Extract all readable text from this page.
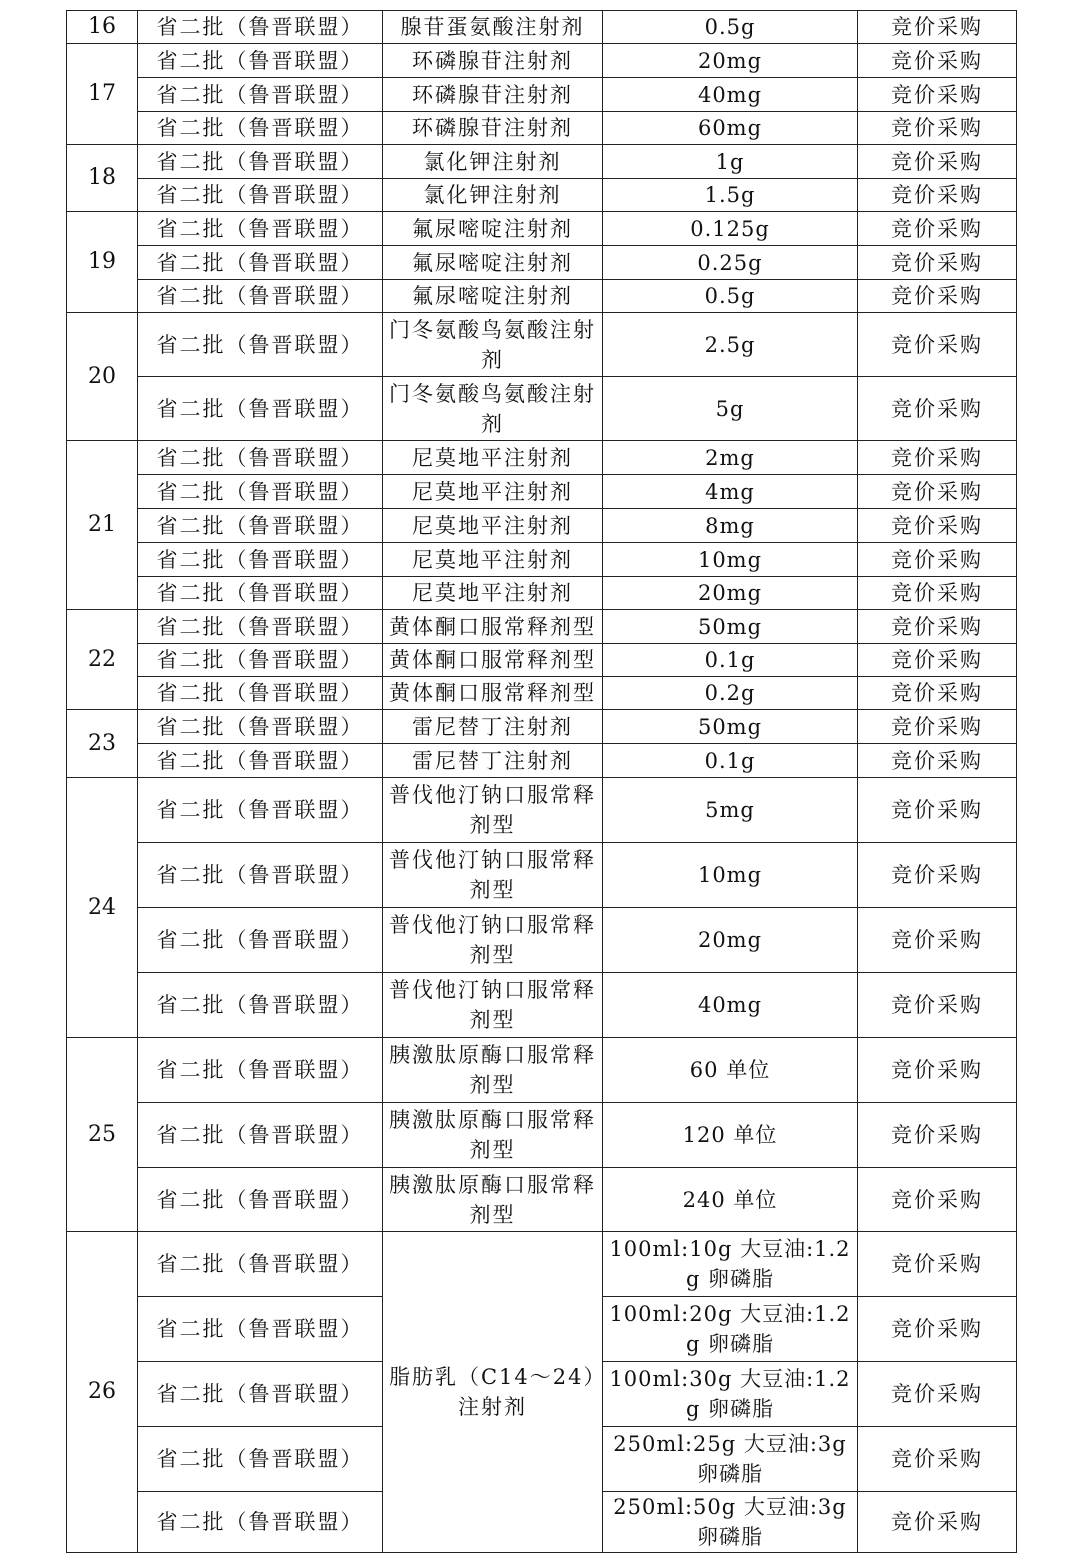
16	省二批（鲁晋联盟）	腺苷蛋氨酸注射剂	0.5g	竞价采购
17	省二批（鲁晋联盟）	环磷腺苷注射剂	20mg	竞价采购
	省二批（鲁晋联盟）	环磷腺苷注射剂	40mg	竞价采购
	省二批（鲁晋联盟）	环磷腺苷注射剂	60mg	竞价采购
18	省二批（鲁晋联盟）	氯化钾注射剂	1g	竞价采购
	省二批（鲁晋联盟）	氯化钾注射剂	1.5g	竞价采购
19	省二批（鲁晋联盟）	氟尿嘧啶注射剂	0.125g	竞价采购
	省二批（鲁晋联盟）	氟尿嘧啶注射剂	0.25g	竞价采购
	省二批（鲁晋联盟）	氟尿嘧啶注射剂	0.5g	竞价采购
20	省二批（鲁晋联盟）	门冬氨酸鸟氨酸注射剂	2.5g	竞价采购
	省二批（鲁晋联盟）	门冬氨酸鸟氨酸注射剂	5g	竞价采购
21	省二批（鲁晋联盟）	尼莫地平注射剂	2mg	竞价采购
	省二批（鲁晋联盟）	尼莫地平注射剂	4mg	竞价采购
	省二批（鲁晋联盟）	尼莫地平注射剂	8mg	竞价采购
	省二批（鲁晋联盟）	尼莫地平注射剂	10mg	竞价采购
	省二批（鲁晋联盟）	尼莫地平注射剂	20mg	竞价采购
22	省二批（鲁晋联盟）	黄体酮口服常释剂型	50mg	竞价采购
	省二批（鲁晋联盟）	黄体酮口服常释剂型	0.1g	竞价采购
	省二批（鲁晋联盟）	黄体酮口服常释剂型	0.2g	竞价采购
23	省二批（鲁晋联盟）	雷尼替丁注射剂	50mg	竞价采购
	省二批（鲁晋联盟）	雷尼替丁注射剂	0.1g	竞价采购
24	省二批（鲁晋联盟）	普伐他汀钠口服常释剂型	5mg	竞价采购
	省二批（鲁晋联盟）	普伐他汀钠口服常释剂型	10mg	竞价采购
	省二批（鲁晋联盟）	普伐他汀钠口服常释剂型	20mg	竞价采购
	省二批（鲁晋联盟）	普伐他汀钠口服常释剂型	40mg	竞价采购
25	省二批（鲁晋联盟）	胰激肽原酶口服常释剂型	60 单位	竞价采购
	省二批（鲁晋联盟）	胰激肽原酶口服常释剂型	120 单位	竞价采购
	省二批（鲁晋联盟）	胰激肽原酶口服常释剂型	240 单位	竞价采购
26	省二批（鲁晋联盟）	脂肪乳（C14～24）注射剂	100ml:10g 大豆油:1.2g 卵磷脂	竞价采购
	省二批（鲁晋联盟）		100ml:20g 大豆油:1.2g 卵磷脂	竞价采购
	省二批（鲁晋联盟）		100ml:30g 大豆油:1.2g 卵磷脂	竞价采购
	省二批（鲁晋联盟）		250ml:25g 大豆油:3g 卵磷脂	竞价采购
	省二批（鲁晋联盟）		250ml:50g 大豆油:3g 卵磷脂	竞价采购
